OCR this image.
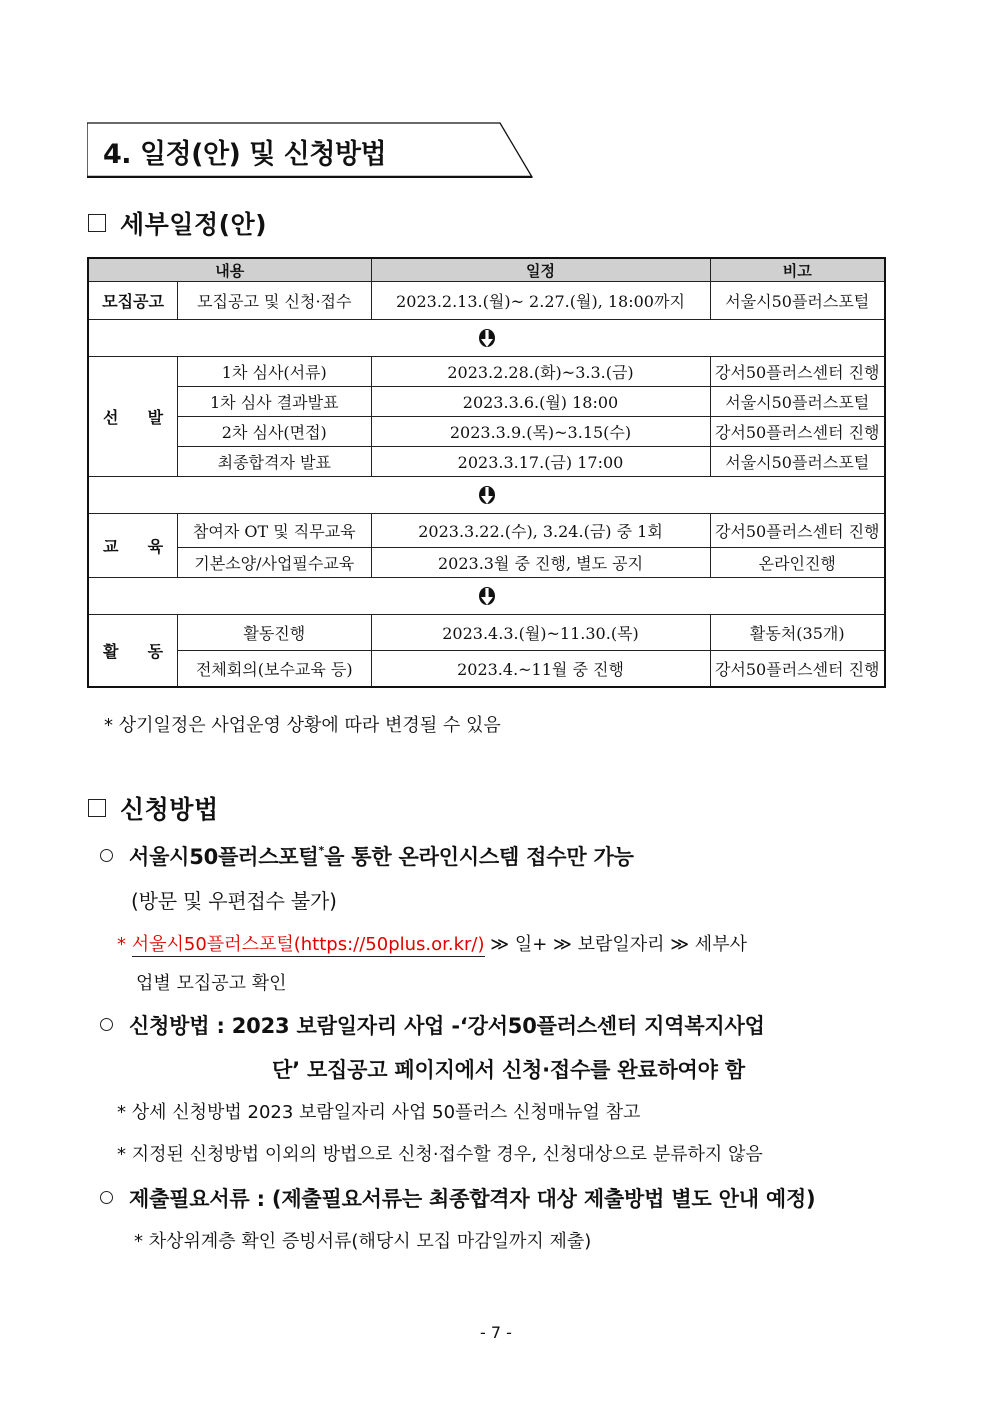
4. 일정(안) 및 신청방법
세부일정(안)
내용		일정	비고
모집공고	모집공고 및 신청·접수	2023.2.13.(월)~ 2.27.(월), 18:00까지	서울시50플러스포털

선 발	1차 심사(서류)	2023.2.28.(화)~3.3.(금)	강서50플러스센터 진행
	1차 심사 결과발표	2023.3.6.(월) 18:00	서울시50플러스포털
	2차 심사(면접)	2023.3.9.(목)~3.15(수)	강서50플러스센터 진행
	최종합격자 발표	2023.3.17.(금) 17:00	서울시50플러스포털

교 육	참여자 OT 및 직무교육	2023.3.22.(수), 3.24.(금) 중 1회	강서50플러스센터 진행
	기본소양/사업필수교육	2023.3월 중 진행, 별도 공지	온라인진행

활 동	활동진행	2023.4.3.(월)~11.30.(목)	활동처(35개)
	전체회의(보수교육 등)	2023.4.~11월 중 진행	강서50플러스센터 진행
* 상기일정은 사업운영 상황에 따라 변경될 수 있음
신청방법
서울시50플러스포털*을 통한 온라인시스템 접수만 가능
(방문 및 우편접수 불가)
* 서울시50플러스포털(https://50plus.or.kr/) ≫ 일+ ≫ 보람일자리 ≫ 세부사
업별 모집공고 확인
신청방법 : 2023 보람일자리 사업 -‘강서50플러스센터 지역복지사업
단’ 모집공고 페이지에서 신청·접수를 완료하여야 함
* 상세 신청방법 2023 보람일자리 사업 50플러스 신청매뉴얼 참고
* 지정된 신청방법 이외의 방법으로 신청·접수할 경우, 신청대상으로 분류하지 않음
제출필요서류 : (제출필요서류는 최종합격자 대상 제출방법 별도 안내 예정)
* 차상위계층 확인 증빙서류(해당시 모집 마감일까지 제출)
- 7 -
